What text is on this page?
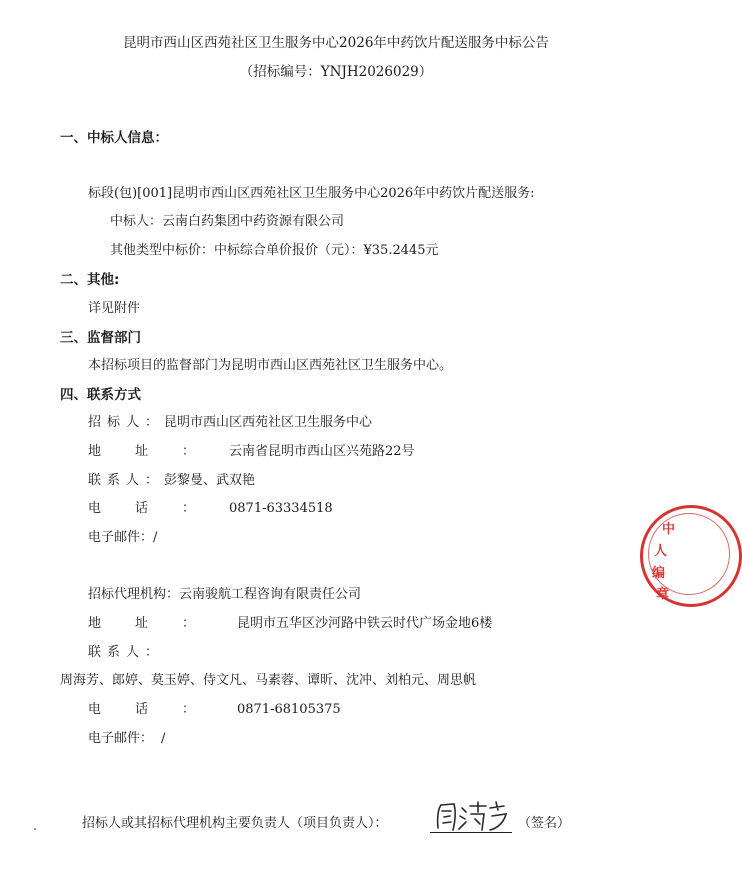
昆明市西山区西苑社区卫生服务中心2026年中药饮片配送服务中标公告
（招标编号：YNJH2026029）
一、中标人信息：
标段(包)[001]昆明市西山区西苑社区卫生服务中心2026年中药饮片配送服务:
中标人：云南白药集团中药资源有限公司
其他类型中标价：中标综合单价报价（元）：¥35.2445元
二、其他:
详见附件
三、监督部门
本招标项目的监督部门为昆明市西山区西苑社区卫生服务中心。
四、联系方式
招标人：昆明市西山区西苑社区卫生服务中心
地址：云南省昆明市西山区兴苑路22号
联系人：彭黎曼、武双艳
电话：0871-63334518
电子邮件：/
招标代理机构：云南骏航工程咨询有限责任公司
地址： 昆明市五华区沙河路中铁云时代广场金地6楼
联系人：
周海芳、郎婷、莫玉婷、侍文凡、马素蓉、谭昕、沈冲、刘柏元、周思帆
电话： 0871-68105375
电子邮件： /
招标人或其招标代理机构主要负责人（项目负责人）：	（签名）
中
人
编
章
